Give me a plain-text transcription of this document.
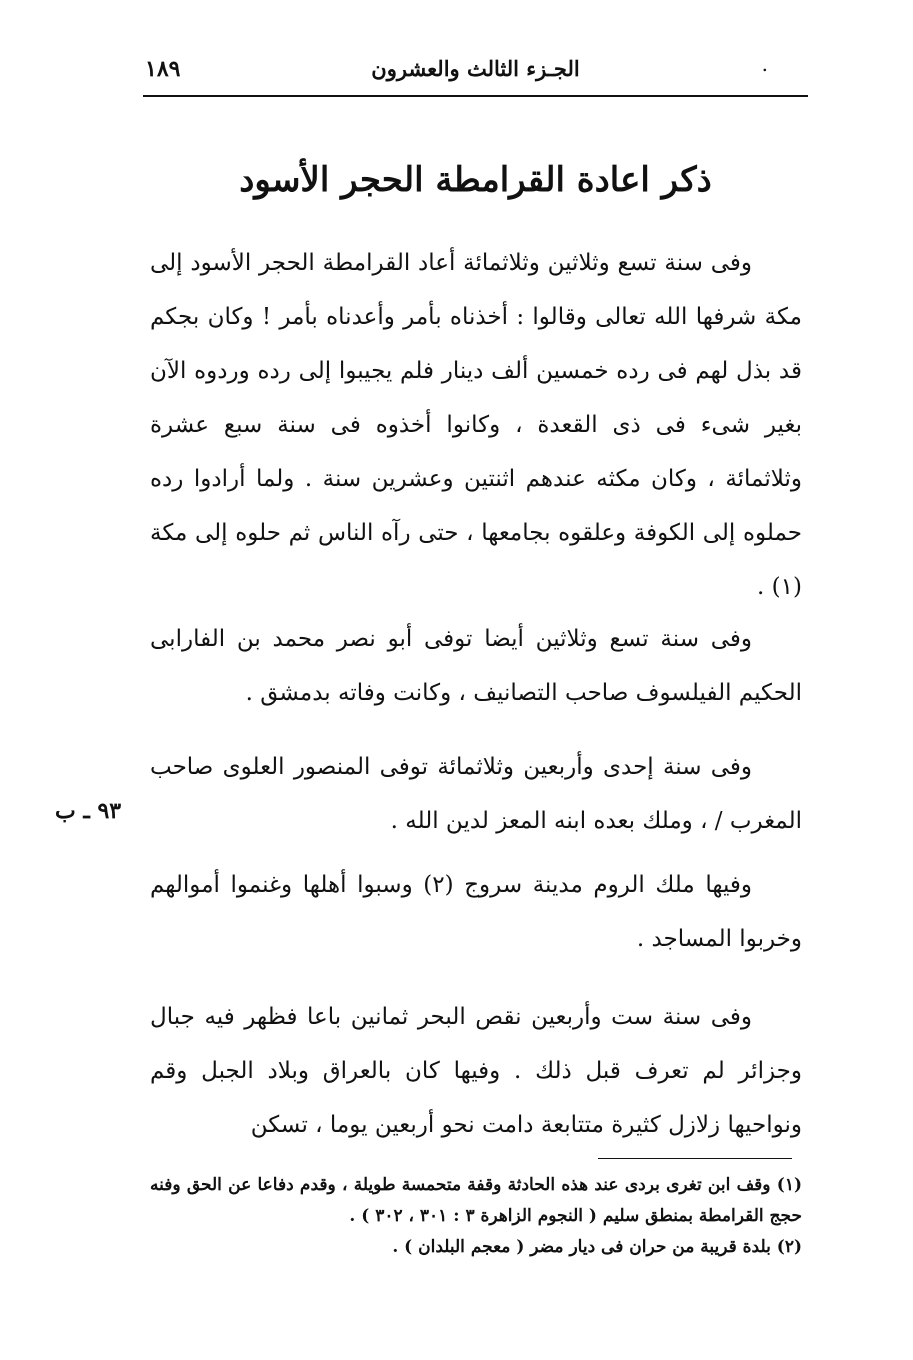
.
الجـزء الثالث والعشرون
١٨٩
ذكر اعادة القرامطة الحجر الأسود

وفى سنة تسع وثلاثين وثلاثمائة أعاد القرامطة الحجر الأسود إلى مكة شرفها الله تعالى وقالوا : أخذناه بأمر وأعدناه بأمر ! وكان بجكم قد بذل لهم فى رده خمسين ألف دينار فلم يجيبوا إلى رده وردوه الآن بغير شىء فى ذى القعدة ، وكانوا أخذوه فى سنة سبع عشرة وثلاثمائة ، وكان مكثه عندهم اثنتين وعشرين سنة . ولما أرادوا رده حملوه إلى الكوفة وعلقوه بجامعها ، حتى رآه الناس ثم حلوه إلى مكة (١) .

وفى سنة تسع وثلاثين أيضا توفى أبو نصر محمد بن الفارابى الحكيم الفيلسوف صاحب التصانيف ، وكانت وفاته بدمشق .

وفى سنة إحدى وأربعين وثلاثمائة توفى المنصور العلوى صاحب المغرب / ، وملك بعده ابنه المعز لدين الله .

٩٣ ـ ب

وفيها ملك الروم مدينة سروج (٢) وسبوا أهلها وغنموا أموالهم وخربوا المساجد .

وفى سنة ست وأربعين نقص البحر ثمانين باعا فظهر فيه جبال وجزائر لم تعرف قبل ذلك . وفيها كان بالعراق وبلاد الجبل وقم ونواحيها زلازل كثيرة متتابعة دامت نحو أربعين يوما ، تسكن

(١) وقف ابن تغرى بردى عند هذه الحادثة وقفة متحمسة طويلة ، وقدم دفاعا عن الحق وفنه حجج القرامطة بمنطق سليم ( النجوم الزاهرة ٣ : ٣٠١ ، ٣٠٢ ) .

(٢) بلدة قريبة من حران فى ديار مضر ( معجم البلدان ) .
